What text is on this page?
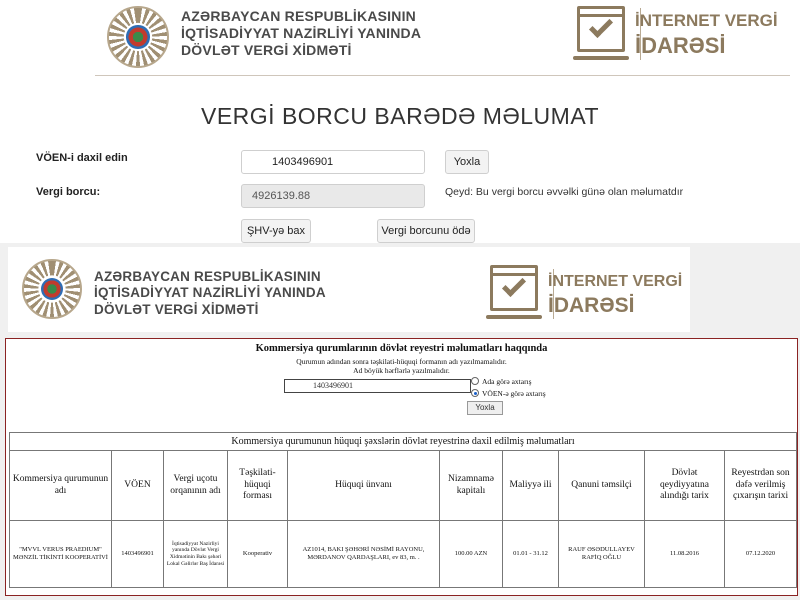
AZƏRBAYCAN RESPUBLİKASININ
İQTİSADİYYAT NAZİRLİYİ YANINDA
DÖVLƏT VERGİ XİDMƏTİ
İNTERNET VERGİ
İDARƏSİ
VERGİ BORCU BARƏDƏ MƏLUMAT
VÖEN-i daxil edin	1403496901	Yoxla
Vergi borcu:	4926139.88	Qeyd: Bu vergi borcu əvvəlki günə olan məlumatdır
ŞHV-yə bax	Vergi borcunu ödə
AZƏRBAYCAN RESPUBLİKASININ
İQTİSADİYYAT NAZİRLİYİ YANINDA
DÖVLƏT VERGİ XİDMƏTİ
İNTERNET VERGİ
İDARƏSİ
Kommersiya qurumlarının dövlət reyestri məlumatları haqqında
Qurumun adından sonra təşkilati-hüquqi formanın adı yazılmamalıdır.
Ad böyük hərflərlə yazılmalıdır.
1403496901	Ada görə axtarış
VÖEN-ə görə axtarış
Yoxla
Kommersiya qurumunun hüquqi şəxslərin dövlət reyestrinə daxil edilmiş məlumatları									
Kommersiya qurumunun adı	VÖEN	Vergi uçotu orqanının adı	Təşkilati-hüquqi forması	Hüquqi ünvanı	Nizamnamə kapitalı	Maliyyə ili	Qanuni təmsilçi	Dövlət qeydiyyatına alındığı tarix	Reyestrdən son dəfə verilmiş çıxarışın tarixi
"MVVL VERUS PRAEDIUM" MƏNZİL TİKİNTİ KOOPERATİVİ	1403496901	İqtisadiyyat Nazirliyi yanında Dövlət Vergi Xidmətinin Bakı şəhəri Lokal Gəlirlər Baş İdarəsi	Kooperativ	AZ1014, BAKI ŞƏHƏRİ NƏSİMİ RAYONU, MƏRDANOV QARDAŞLARI, ev 83, m. .	100.00 AZN	01.01 - 31.12	RAUF ƏSƏDULLAYEV RAFİQ OĞLU	11.08.2016	07.12.2020
